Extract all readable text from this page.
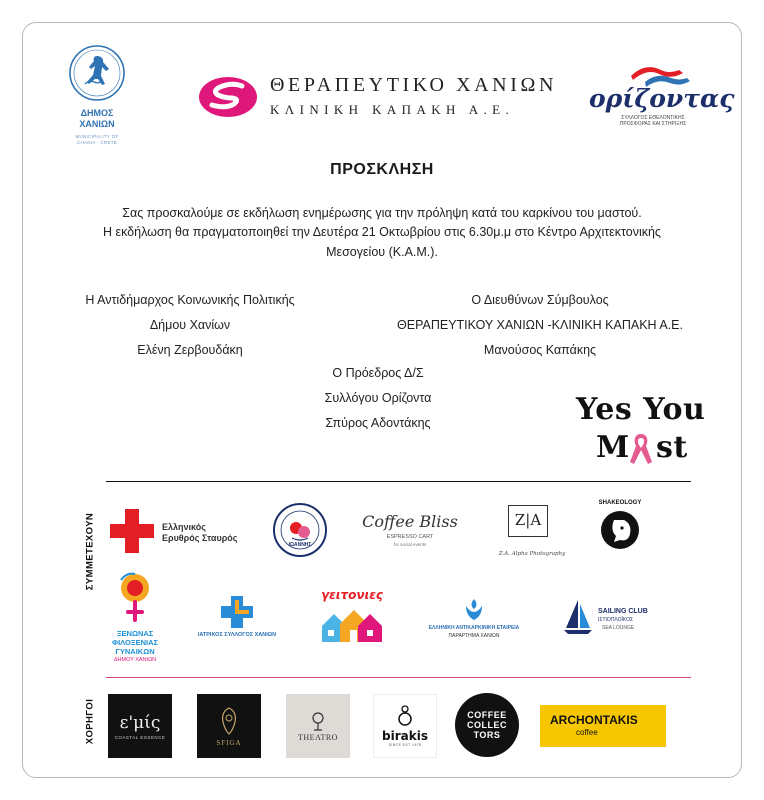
ΔΗΜΟΣ
ΧΑΝΙΩΝ
MUNICIPALITY OF
CHANIA · CRETE
ΘΕΡΑΠΕΥΤΙΚΟ ΧΑΝΙΩΝ
ΚΛΙΝΙΚΗ ΚΑΠΑΚΗ Α.Ε.	ορίζοντας
ΣΥΛΛΟΓΟΣ ΕΘΕΛΟΝΤΙΚΗΣ
ΠΡΟΣΦΟΡΑΣ ΚΑΙ ΣΤΗΡΙΞΗΣ
ΠΡΟΣΚΛΗΣΗ
Σας προσκαλούμε σε εκδήλωση ενημέρωσης για την πρόληψη κατά του καρκίνου του μαστού.
Η εκδήλωση θα πραγματοποιηθεί την Δευτέρα 21 Οκτωβρίου στις 6.30μ.μ στο Κέντρο Αρχιτεκτονικής
Μεσογείου (Κ.Α.Μ.).
Η Αντιδήμαρχος Κοινωνικής Πολιτικής
Δήμου Χανίων
Ελένη Ζερβουδάκη
Ο Διευθύνων Σύμβουλος
ΘΕΡΑΠΕΥΤΙΚΟΥ ΧΑΝΙΩΝ -ΚΛΙΝΙΚΗ ΚΑΠΑΚΗ Α.Ε.
Μανούσος Καπάκης
Ο Πρόεδρος Δ/Σ
Συλλόγου Ορίζοντα
Σπύρος Αδοντάκης	Yes You
M st
ΣΥΜΜΕΤΕΧΟΥΝ	Ελληνικός
Ερυθρός Σταυρός
ΙΩΑΝΝΗΣ
Coffee Bliss
ESPRESSO CART
for social events
Z|A
Z.A. Alpha Photography
SHAKEOLOGY
ΞΕΝΩΝΑΣ
ΦΙΛΟΞΕΝΙΑΣ
ΓΥΝΑΙΚΩΝ
ΔΗΜΟΥ ΧΑΝΙΩΝ
ΙΑΤΡΙΚΟΣ ΣΥΛΛΟΓΟΣ ΧΑΝΙΩΝ
γειτονιες
ΕΛΛΗΝΙΚΗ ΑΝΤΙΚΑΡΚΙΝΙΚΗ ΕΤΑΙΡΕΙΑ
ΠΑΡΑΡΤΗΜΑ ΧΑΝΙΩΝ
SAILING CLUB
ΙΣΤΙΟΠΛΟΪΚΟΣ
SEA LOUNGE
ΧΟΡΗΓΟΙ ε'μίς
COASTAL ESSENCE
SFIGA
THEATRO	birakis
SINCE EST 1978
COFFEE
COLLEC
TORS
ARCHONTAKIS
coffee
